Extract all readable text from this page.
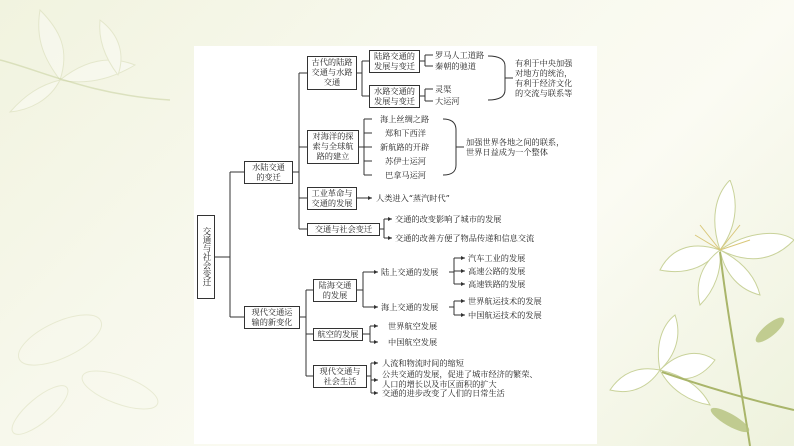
交通与社会变迁
水陆交通
的变迁
现代交通运
输的新变化
古代的陆路
交通与水路
交通
陆路交通的
发展与变迁
罗马人工道路
秦朝的驰道
水路交通的
发展与变迁
灵渠
大运河
有利于中央加强
对地方的统治，
有利于经济文化
的交流与联系等
对海洋的探
索与全球航
路的建立
海上丝绸之路
郑和下西洋
新航路的开辟
苏伊士运河
巴拿马运河
加强世界各地之间的联系，
世界日益成为一个整体
工业革命与
交通的发展	人类进入“蒸汽时代”
交通与社会变迁
交通的改变影响了城市的发展
交通的改善方便了物品传递和信息交流
陆海交通
的发展
陆上交通的发展
汽车工业的发展
高速公路的发展
高速铁路的发展
海上交通的发展
世界航运技术的发展
中国航运技术的发展
航空的发展
世界航空发展
中国航空发展
现代交通与
社会生活
人流和物流时间的缩短
公共交通的发展，促进了城市经济的繁荣、
人口的增长以及市区面积的扩大
交通的进步改变了人们的日常生活
